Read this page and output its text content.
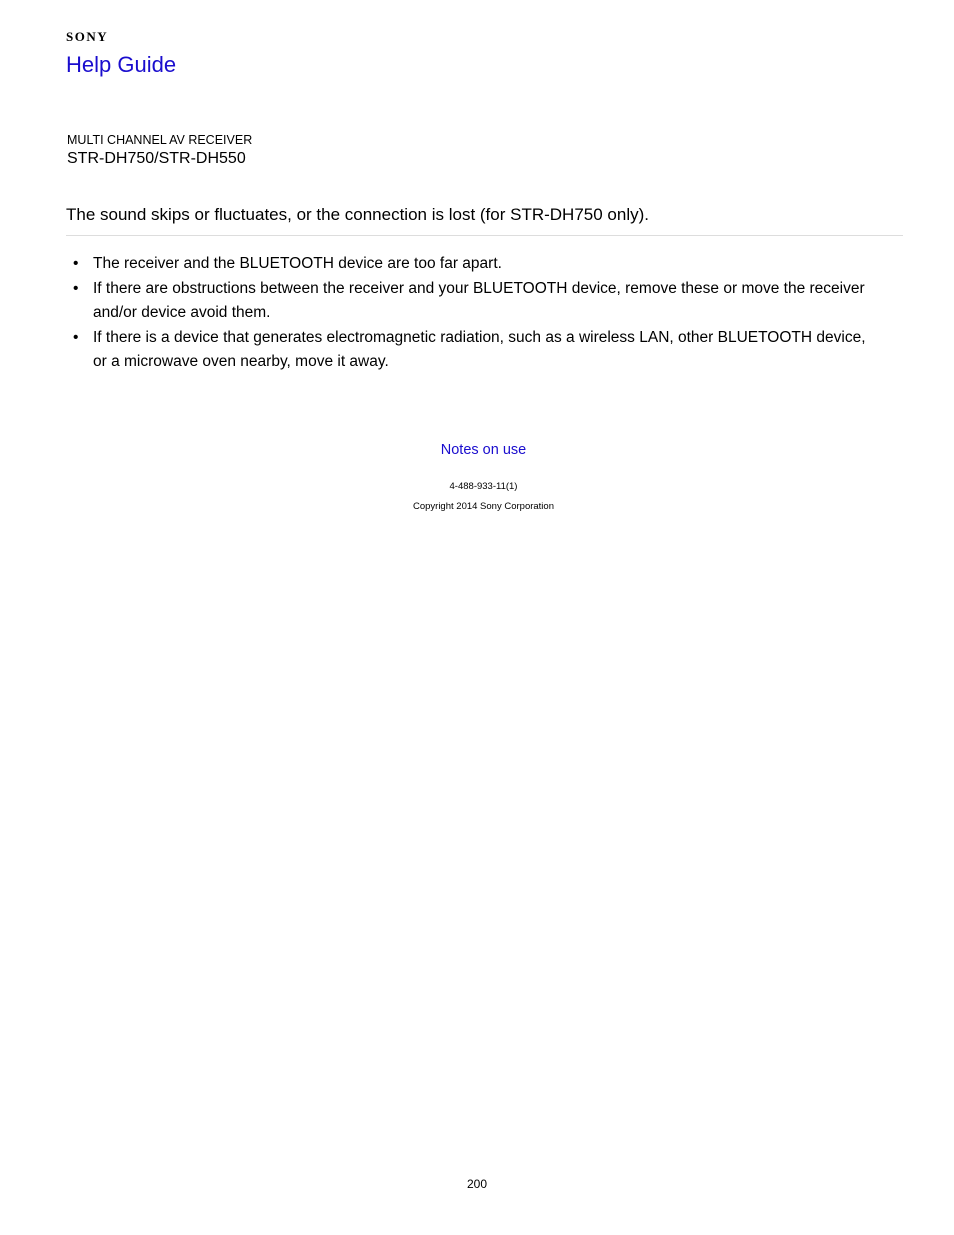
SONY
Help Guide
MULTI CHANNEL AV RECEIVER
STR-DH750/STR-DH550
The sound skips or fluctuates, or the connection is lost (for STR-DH750 only).
• The receiver and the BLUETOOTH device are too far apart.
• If there are obstructions between the receiver and your BLUETOOTH device, remove these or move the receiver and/or device avoid them.
• If there is a device that generates electromagnetic radiation, such as a wireless LAN, other BLUETOOTH device, or a microwave oven nearby, move it away.
Notes on use
4-488-933-11(1)
Copyright 2014 Sony Corporation
200
